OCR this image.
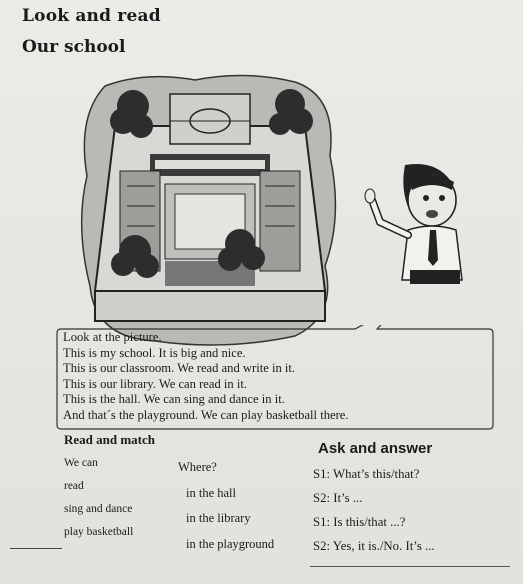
Look and read
Our school
Look at the picture.
This is my school. It is big and nice.
This is our classroom. We read and write in it.
This is our library. We can read in it.
This is the hall. We can sing and dance in it.
And that´s the playground. We can play basketball there.
Read and match
We can
read
sing and dance
play basketball
Where?
in the hall
in the library
in the playground
Ask and answer
S1: What’s this/that?
S2: It’s ...
S1: Is this/that ...?
S2: Yes, it is./No. It’s ...
